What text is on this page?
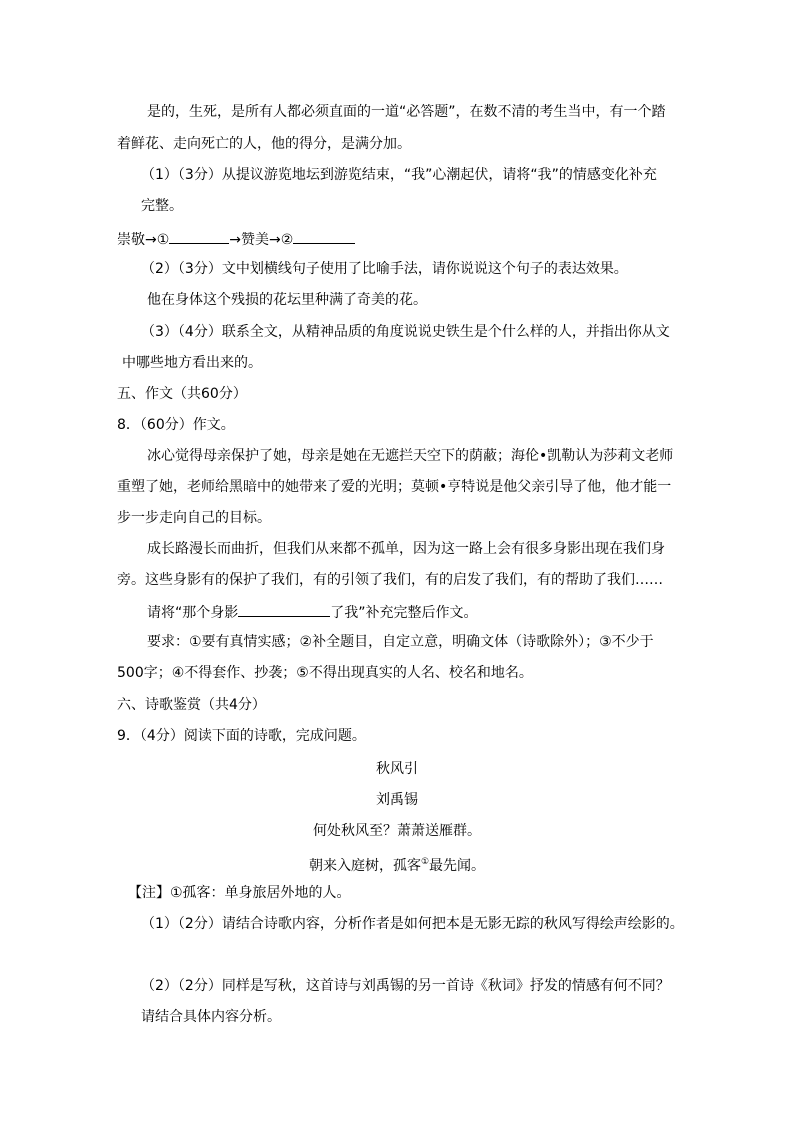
是的，生死，是所有人都必须直面的一道“必答题”，在数不清的考生当中，有一个踏
着鲜花、走向死亡的人，他的得分，是满分加。
（1）（3分）从提议游览地坛到游览结束，“我”心潮起伏，请将“我”的情感变化补充
完整。
崇敬→①	→赞美→②
（2）（3分）文中划横线句子使用了比喻手法，请你说说这个句子的表达效果。
他在身体这个残损的花坛里种满了奇美的花。
（3）（4分）联系全文，从精神品质的角度说说史铁生是个什么样的人，并指出你从文
中哪些地方看出来的。
五、作文（共60分）
8．（60分）作文。
冰心觉得母亲保护了她，母亲是她在无遮拦天空下的荫蔽；海伦•凯勒认为莎莉文老师
重塑了她，老师给黑暗中的她带来了爱的光明；莫顿•亨特说是他父亲引导了他，他才能一
步一步走向自己的目标。
成长路漫长而曲折，但我们从来都不孤单，因为这一路上会有很多身影出现在我们身
旁。这些身影有的保护了我们，有的引领了我们，有的启发了我们，有的帮助了我们……
请将“那个身影	了我”补充完整后作文。
要求：①要有真情实感；②补全题目，自定立意，明确文体（诗歌除外）；③不少于
500字；④不得套作、抄袭；⑤不得出现真实的人名、校名和地名。
六、诗歌鉴赏（共4分）
9．（4分）阅读下面的诗歌，完成问题。
秋风引
刘禹锡
何处秋风至？萧萧送雁群。
朝来入庭树，孤客①最先闻。
【注】①孤客：单身旅居外地的人。
（1）（2分）请结合诗歌内容，分析作者是如何把本是无影无踪的秋风写得绘声绘影的。
（2）（2分）同样是写秋，这首诗与刘禹锡的另一首诗《秋词》抒发的情感有何不同？
请结合具体内容分析。
